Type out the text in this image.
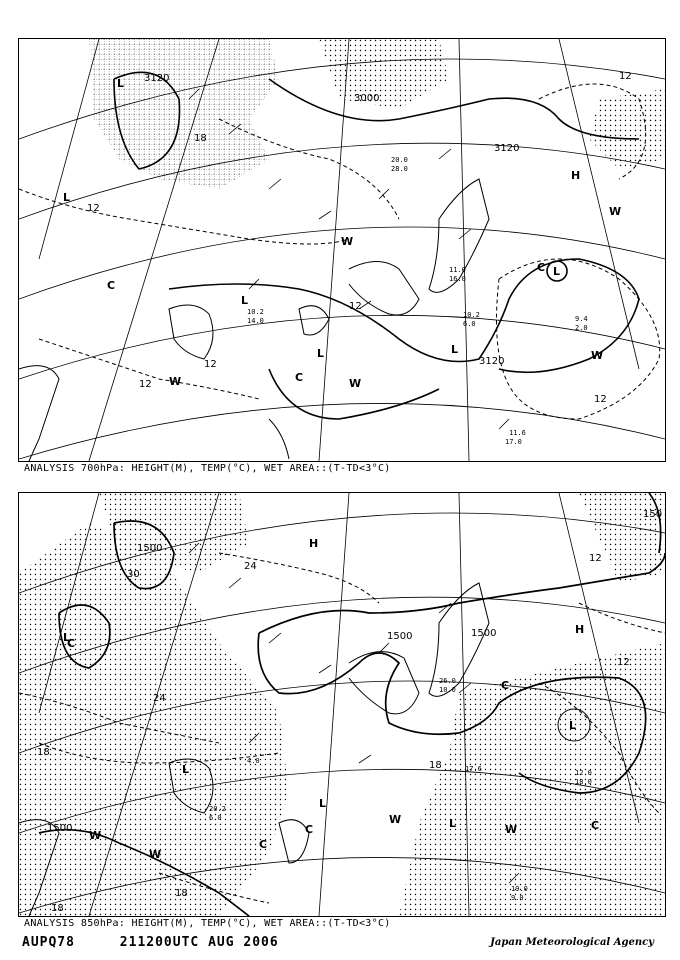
3120
3000
3120
3120
18
12
12
12
12
12
12
L
L
L
L	L
L
H
W
W
W
W
W
C
C
C
11.6
17.0
10.2
6.0
9.4
2.0
10.2
14.0
11.0
16.0
20.0
28.0
ANALYSIS 700hPa: HEIGHT(M), TEMP(°C), WET AREA::(T-TD<3°C)
1500
1500	1500
1500
150
30
24
24
18
18
18
18
12
12
L
L
L
L
L
H
H
W
W
W
W
C
C
C	C
C
19.0
9.0
17.6
20.2
6.0
12.0
18.0
4.0
26.0
10.0
ANALYSIS 850hPa: HEIGHT(M), TEMP(°C), WET AREA::(T-TD<3°C)
AUPQ78	211200UTC AUG 2006	Japan Meteorological Agency
